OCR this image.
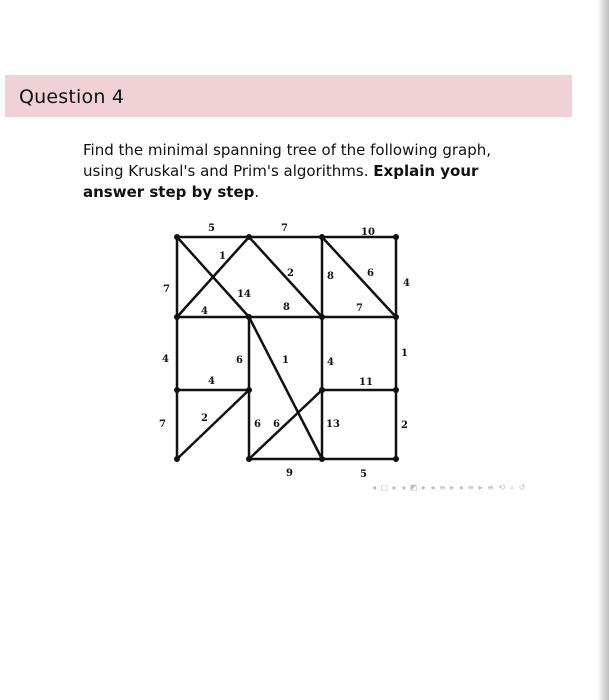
Question 4
Find the minimal spanning tree of the following graph, using Kruskal's and Prim's algorithms. Explain your answer step by step.
5	7	10
1
2	8	6
4
7	14
8	7
4
6	1
4
1
4
11
7
2
6 6	13	2
9	5
4
◂ □ ▸ ◂ ◩ ▸ ◂ ≡ ▸ ◂ ≡ ▸ ≡ ⟲ ⌕ ↺
